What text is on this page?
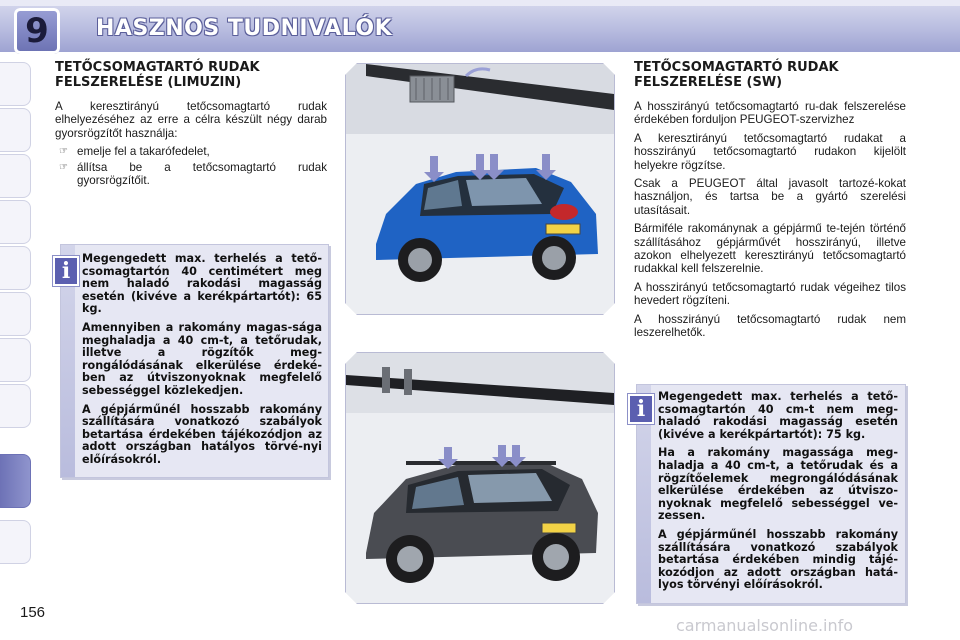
9	HASZNOS TUDNIVALÓK
TETŐCSOMAGTARTÓ RUDAK
FELSZERELÉSE (LIMUZIN)

A keresztirányú tetőcsomagtartó rudak elhelyezéséhez az erre a célra készült négy darab gyorsrögzítőt használja:

☞ emelje fel a takarófedelet,
☞ állítsa be a tetőcsomagtartó rudak gyorsrögzítőit.
i	Megengedett max. terhelés a tető-csomagtartón 40 centimétert meg nem haladó rakodási magasság esetén (kivéve a kerékpártartót): 65 kg.

Amennyiben a rakomány magas-sága meghaladja a 40 cm-t, a tetőrudak, illetve a rögzítők meg-rongálódásának elkerülése érdeké-ben az útviszonyoknak megfelelő sebességgel közlekedjen.

A gépjárműnél hosszabb rakomány szállítására vonatkozó szabályok betartása érdekében tájékozódjon az adott országban hatályos törvé-nyi előírásokról.

TETŐCSOMAGTARTÓ RUDAK
FELSZERELÉSE (SW)

A hosszirányú tetőcsomagtartó ru-dak felszerelése érdekében forduljon PEUGEOT-szervizhez

A keresztirányú tetőcsomagtartó rudakat a hosszirányú tetőcsomagtartó rudakon kijelölt helyekre rögzítse.

Csak a PEUGEOT által javasolt tartozé-kokat használjon, és tartsa be a gyártó szerelési utasításait.

Bármiféle rakománynak a gépjármű te-tején történő szállításához gépjárművét hosszirányú, illetve azokon elhelyezett keresztirányú tetőcsomagtartó rudakkal kell felszerelnie.

A hosszirányú tetőcsomagtartó rudak végeihez tilos hevedert rögzíteni.

A hosszirányú tetőcsomagtartó rudak nem leszerelhetők.

i	Megengedett max. terhelés a tető-csomagtartón 40 cm-t nem meg-haladó rakodási magasság esetén (kivéve a kerékpártartót): 75 kg.

Ha a rakomány magassága meg-haladja a 40 cm-t, a tetőrudak és a rögzítőelemek megrongálódásának elkerülése érdekében az útviszo-nyoknak megfelelő sebességgel ve-zessen.

A gépjárműnél hosszabb rakomány szállítására vonatkozó szabályok betartása érdekében mindig tájé-kozódjon az adott országban hatá-lyos törvényi előírásokról.

156
carmanualsonline.info
